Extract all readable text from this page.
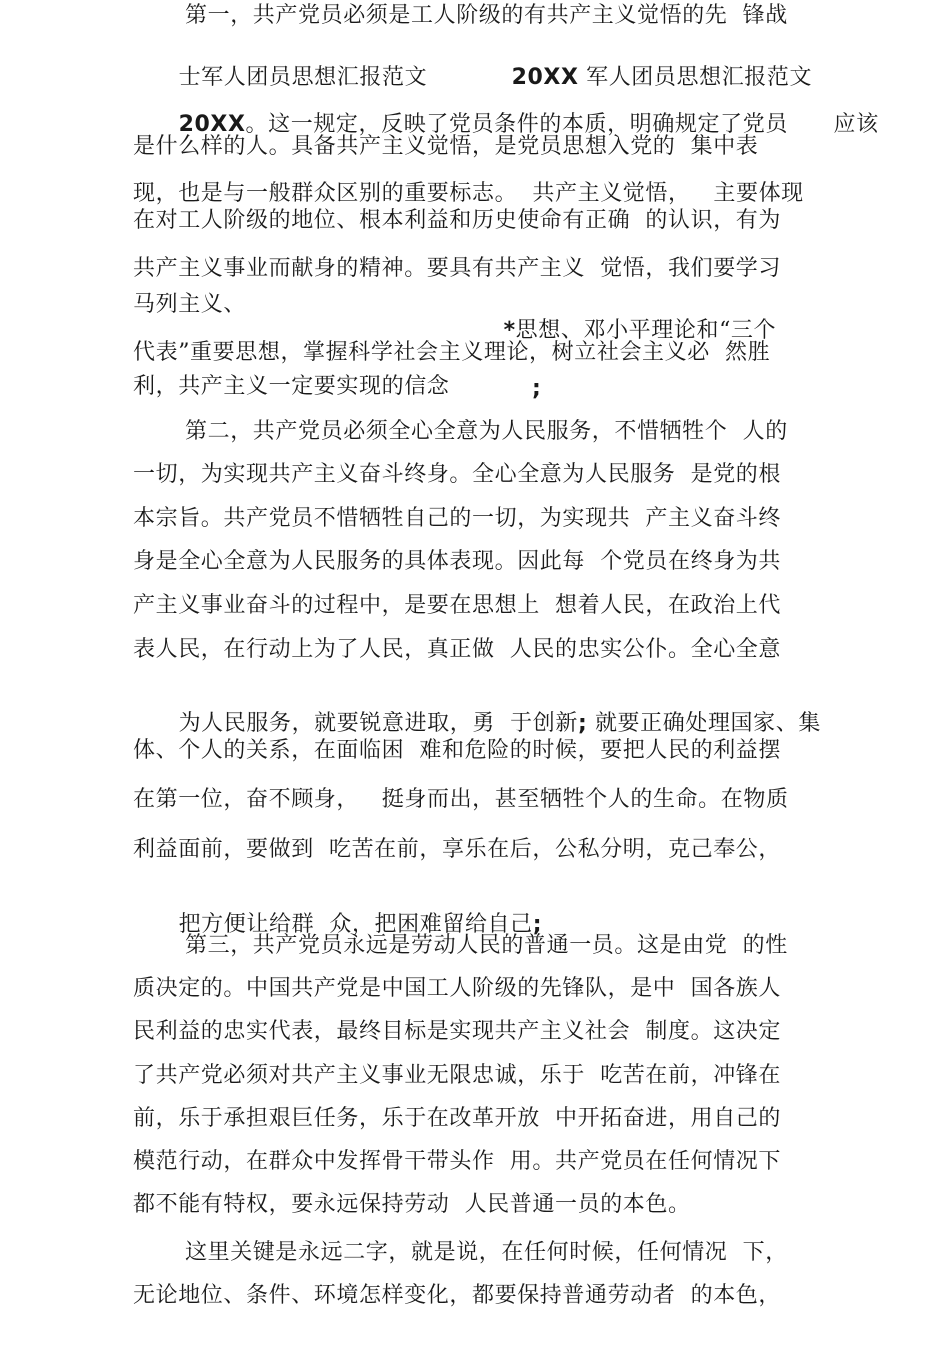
第一，共产党员必须是工人阶级的有共产主义觉悟的先  锋战

士军人团员思想汇报范文
	20XX 军人团员思想汇报范文

20XX。这一规定，反映了党员条件的本质，明确规定了党员      应该

是什么样的人。具备共产主义觉悟，是党员思想入党的  集中表
现，也是与一般群众区别的重要标志。  共产主义觉悟，   主要体现
在对工人阶级的地位、根本利益和历史使命有正确  的认识，有为
共产主义事业而献身的精神。要具有共产主义  觉悟，我们要学习
马列主义、

*思想、邓小平理论和“三个

代表”重要思想，掌握科学社会主义理论，树立社会主义必  然胜
利，共产主义一定要实现的信念	;
第二，共产党员必须全心全意为人民服务，不惜牺牲个  人的
一切，为实现共产主义奋斗终身。全心全意为人民服务  是党的根
本宗旨。共产党员不惜牺牲自己的一切，为实现共  产主义奋斗终
身是全心全意为人民服务的具体表现。因此每  个党员在终身为共
产主义事业奋斗的过程中，是要在思想上  想着人民，在政治上代
表人民，在行动上为了人民，真正做  人民的忠实公仆。全心全意

为人民服务，就要锐意进取，勇  于创新; 就要正确处理国家、集

体、个人的关系，在面临困  难和危险的时候，要把人民的利益摆
在第一位，奋不顾身，   挺身而出，甚至牺牲个人的生命。在物质
利益面前，要做到  吃苦在前，享乐在后，公私分明，克己奉公，

把方便让给群  众，把困难留给自己;

第三，共产党员永远是劳动人民的普通一员。这是由党  的性
质决定的。中国共产党是中国工人阶级的先锋队，是中  国各族人
民利益的忠实代表，最终目标是实现共产主义社会  制度。这决定
了共产党必须对共产主义事业无限忠诚，乐于  吃苦在前，冲锋在
前，乐于承担艰巨任务，乐于在改革开放  中开拓奋进，用自己的
模范行动，在群众中发挥骨干带头作  用。共产党员在任何情况下
都不能有特权，要永远保持劳动  人民普通一员的本色。
这里关键是永远二字，就是说，在任何时候，任何情况  下，
无论地位、条件、环境怎样变化，都要保持普通劳动者  的本色，
